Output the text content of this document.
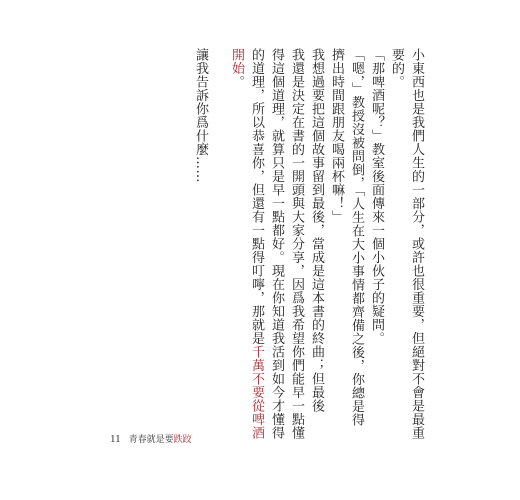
小東西也是我們人生的一部分，或許也很重要，但絕對不會是最重
要的。
「那啤酒呢？」教室後面傳來一個小伙子的疑問。
「嗯，」教授沒被問倒，「人生在大小事情都齊備之後，你總是得
擠出時間跟朋友喝兩杯嘛！」
我想過要把這個故事留到最後，當成是這本書的終曲；但最後
我還是決定在書的一開頭與大家分享，因爲我希望你們能早一點懂
得這個道理，就算只是早一點都好。現在你知道我活到如今才懂得
的道理，所以恭喜你，但還有一點得叮嚀，那就是千萬不要從啤酒
開始。
讓我告訴你爲什麼……
11 青春就是要跌跤
